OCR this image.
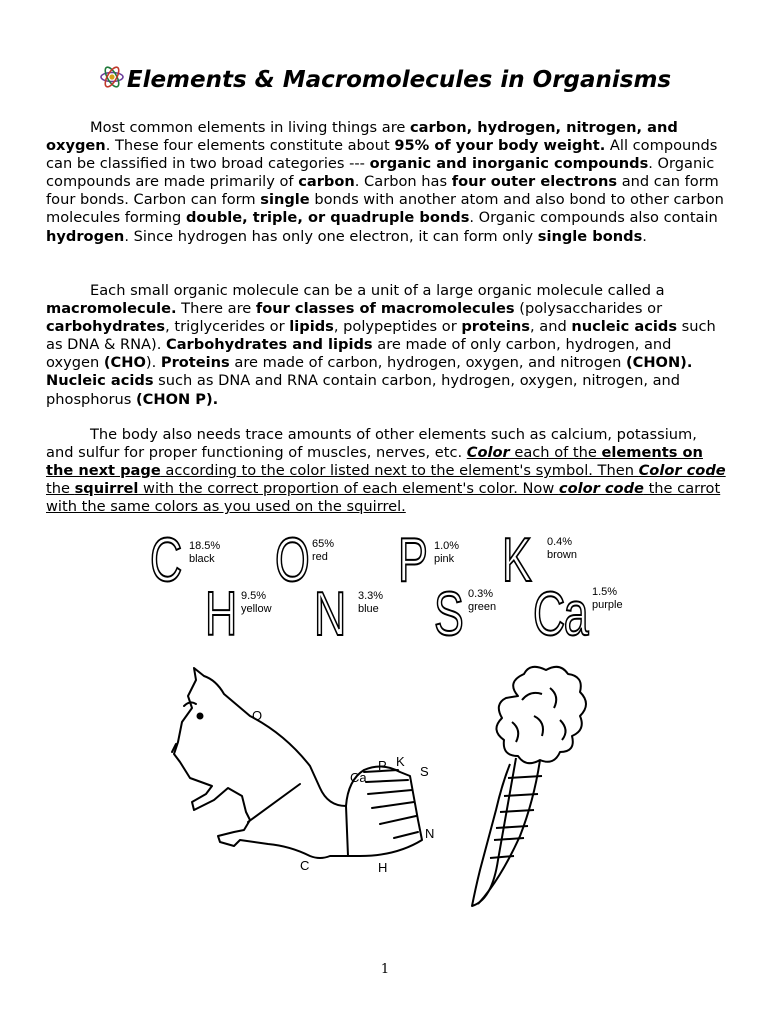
Elements & Macromolecules in Organisms

Most common elements in living things are carbon, hydrogen, nitrogen, and oxygen. These four elements constitute about 95% of your body weight. All compounds can be classified in two broad categories --- organic and inorganic compounds. Organic compounds are made primarily of carbon. Carbon has four outer electrons and can form four bonds. Carbon can form single bonds with another atom and also bond to other carbon molecules forming double, triple, or quadruple bonds. Organic compounds also contain hydrogen. Since hydrogen has only one electron, it can form only single bonds.

Each small organic molecule can be a unit of a large organic molecule called a macromolecule. There are four classes of macromolecules (polysaccharides or carbohydrates, triglycerides or lipids, polypeptides or proteins, and nucleic acids such as DNA & RNA). Carbohydrates and lipids are made of only carbon, hydrogen, and oxygen (CHO). Proteins are made of carbon, hydrogen, oxygen, and nitrogen (CHON). Nucleic acids such as DNA and RNA contain carbon, hydrogen, oxygen, nitrogen, and phosphorus (CHON P).

The body also needs trace amounts of other elements such as calcium, potassium, and sulfur for proper functioning of muscles, nerves, etc. Color each of the elements on the next page according to the color listed next to the element's symbol. Then Color code the squirrel with the correct proportion of each element's color. Now color code the carrot with the same colors as you used on the squirrel.

C 18.5%
black O 65%
red P 1.0%
pink K 0.4%
brown
H 9.5%
yellow N 3.3%
blue S 0.3%
green Ca 1.5%
purple
O
Ca
P K
S
N
C	H
1
